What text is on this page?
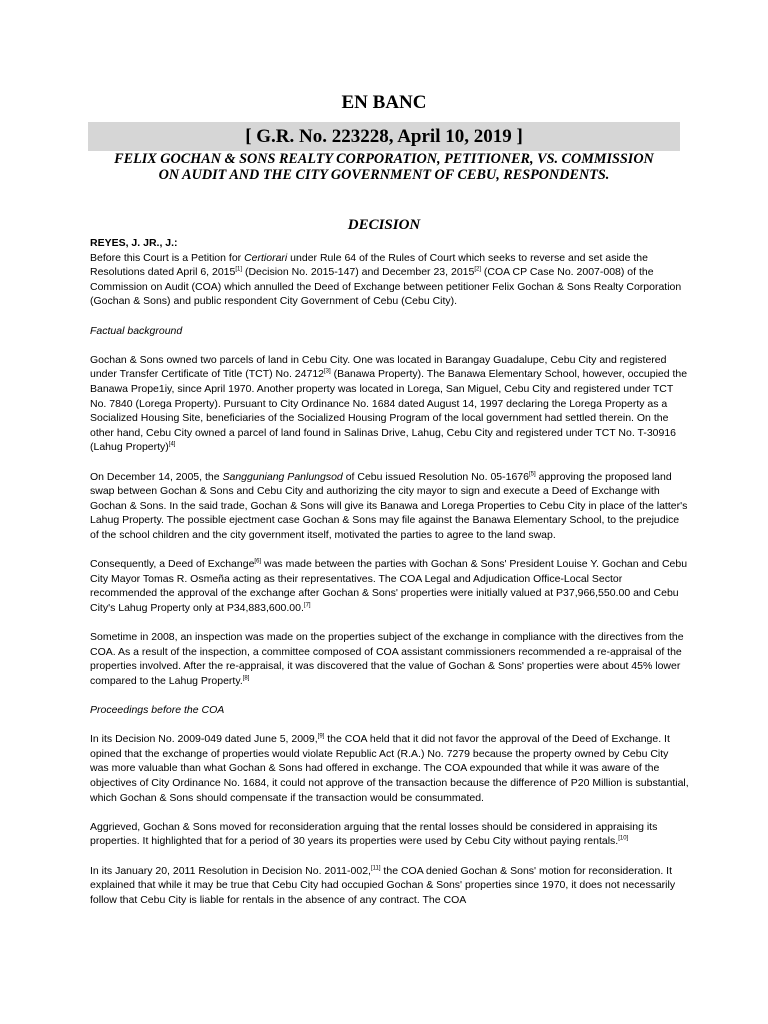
EN BANC
[ G.R. No. 223228, April 10, 2019 ]
FELIX GOCHAN & SONS REALTY CORPORATION, PETITIONER, VS. COMMISSION ON AUDIT AND THE CITY GOVERNMENT OF CEBU, RESPONDENTS.
DECISION

REYES, J. JR., J.:

Before this Court is a Petition for Certiorari under Rule 64 of the Rules of Court which seeks to reverse and set aside the Resolutions dated April 6, 2015[1] (Decision No. 2015-147) and December 23, 2015[2] (COA CP Case No. 2007-008) of the Commission on Audit (COA) which annulled the Deed of Exchange between petitioner Felix Gochan & Sons Realty Corporation (Gochan & Sons) and public respondent City Government of Cebu (Cebu City).

Factual background

Gochan & Sons owned two parcels of land in Cebu City. One was located in Barangay Guadalupe, Cebu City and registered under Transfer Certificate of Title (TCT) No. 24712[3] (Banawa Property). The Banawa Elementary School, however, occupied the Banawa Prope1iy, since April 1970. Another property was located in Lorega, San Miguel, Cebu City and registered under TCT No. 7840 (Lorega Property). Pursuant to City Ordinance No. 1684 dated August 14, 1997 declaring the Lorega Property as a Socialized Housing Site, beneficiaries of the Socialized Housing Program of the local government had settled therein. On the other hand, Cebu City owned a parcel of land found in Salinas Drive, Lahug, Cebu City and registered under TCT No. T-30916 (Lahug Property)[4]

On December 14, 2005, the Sangguniang Panlungsod of Cebu issued Resolution No. 05-1676[5] approving the proposed land swap between Gochan & Sons and Cebu City and authorizing the city mayor to sign and execute a Deed of Exchange with Gochan & Sons. In the said trade, Gochan & Sons will give its Banawa and Lorega Properties to Cebu City in place of the latter's Lahug Property. The possible ejectment case Gochan & Sons may file against the Banawa Elementary School, to the prejudice of the school children and the city government itself, motivated the parties to agree to the land swap.

Consequently, a Deed of Exchange[6] was made between the parties with Gochan & Sons' President Louise Y. Gochan and Cebu City Mayor Tomas R. Osmeña acting as their representatives. The COA Legal and Adjudication Office-Local Sector recommended the approval of the exchange after Gochan & Sons' properties were initially valued at P37,966,550.00 and Cebu City's Lahug Property only at P34,883,600.00.[7]

Sometime in 2008, an inspection was made on the properties subject of the exchange in compliance with the directives from the COA. As a result of the inspection, a committee composed of COA assistant commissioners recommended a re-appraisal of the properties involved. After the re-appraisal, it was discovered that the value of Gochan & Sons' properties were about 45% lower compared to the Lahug Property.[8]

Proceedings before the COA

In its Decision No. 2009-049 dated June 5, 2009,[9] the COA held that it did not favor the approval of the Deed of Exchange. It opined that the exchange of properties would violate Republic Act (R.A.) No. 7279 because the property owned by Cebu City was more valuable than what Gochan & Sons had offered in exchange. The COA expounded that while it was aware of the objectives of City Ordinance No. 1684, it could not approve of the transaction because the difference of P20 Million is substantial, which Gochan & Sons should compensate if the transaction would be consummated.

Aggrieved, Gochan & Sons moved for reconsideration arguing that the rental losses should be considered in appraising its properties. It highlighted that for a period of 30 years its properties were used by Cebu City without paying rentals.[10]

In its January 20, 2011 Resolution in Decision No. 2011-002,[11] the COA denied Gochan & Sons' motion for reconsideration. It explained that while it may be true that Cebu City had occupied Gochan & Sons' properties since 1970, it does not necessarily follow that Cebu City is liable for rentals in the absence of any contract. The COA
